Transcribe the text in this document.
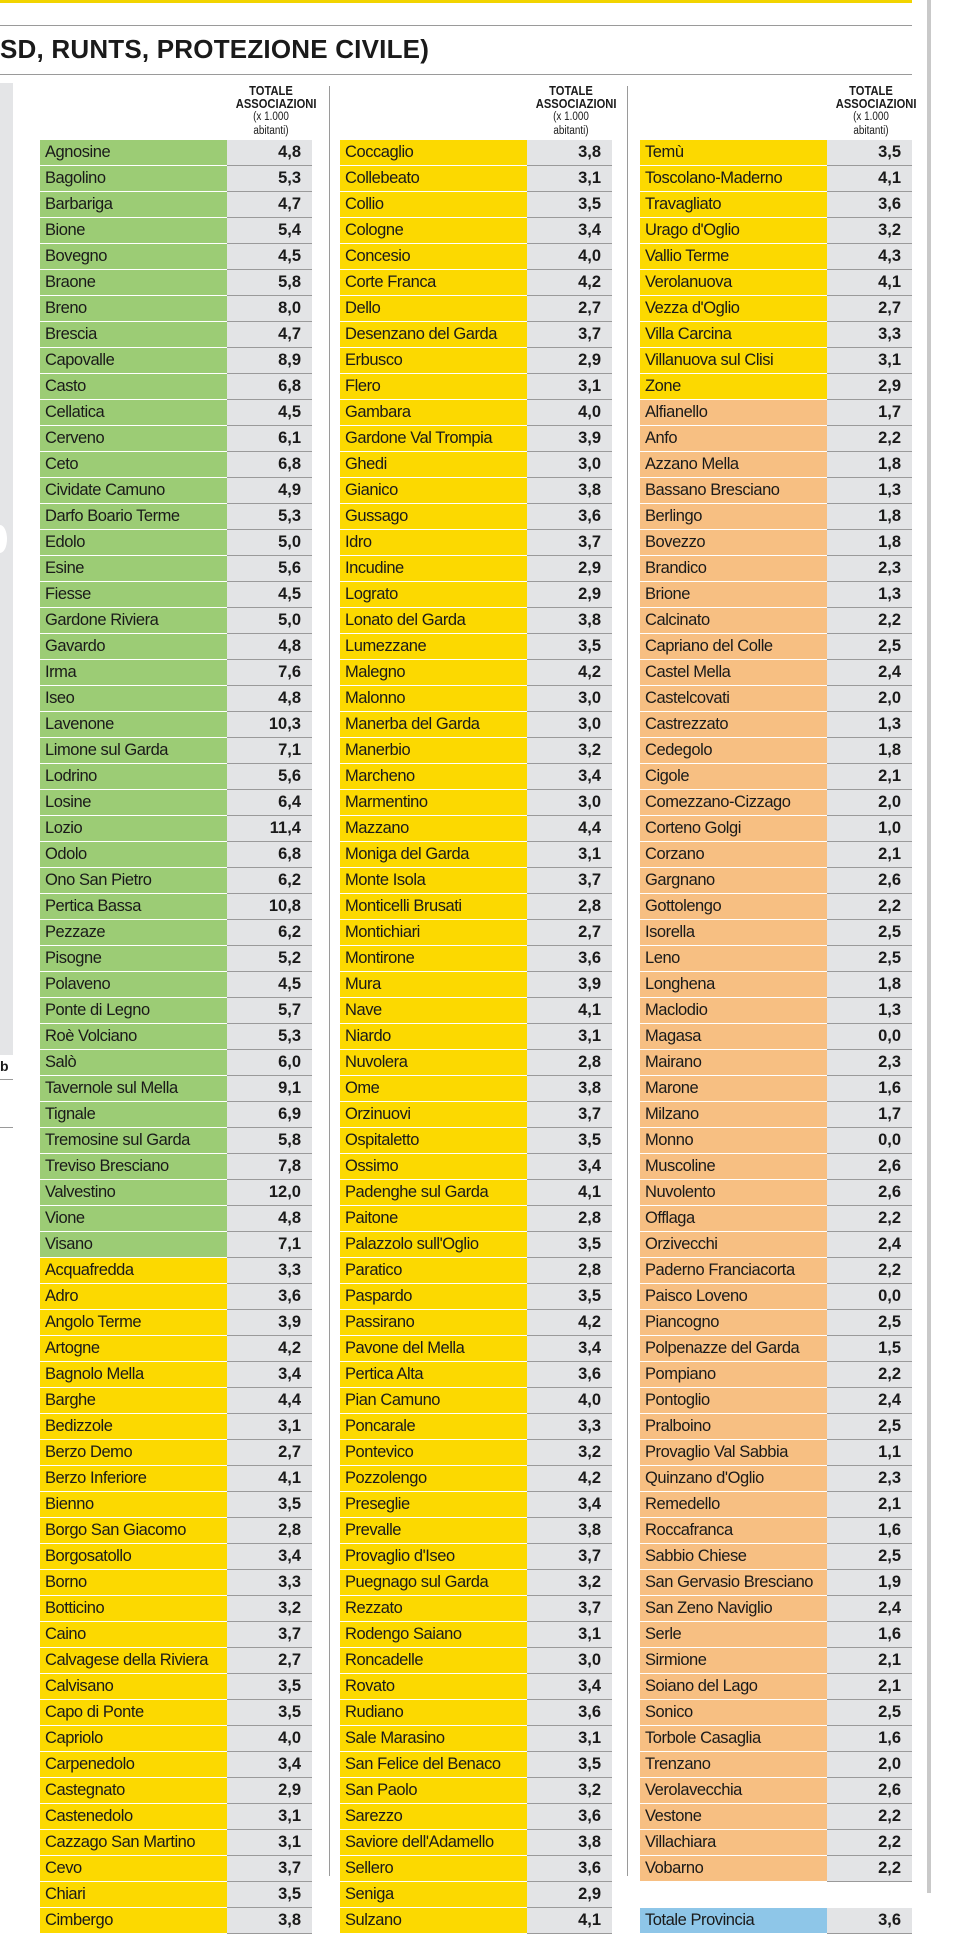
SD, RUNTS, PROTEZIONE CIVILE)
b
TOTALE
ASSOCIAZIONI
(x 1.000 abitanti)
Agnosine	4,8
Bagolino	5,3
Barbariga	4,7
Bione	5,4
Bovegno	4,5
Braone	5,8
Breno	8,0
Brescia	4,7
Capovalle	8,9
Casto	6,8
Cellatica	4,5
Cerveno	6,1
Ceto	6,8
Cividate Camuno	4,9
Darfo Boario Terme	5,3
Edolo	5,0
Esine	5,6
Fiesse	4,5
Gardone Riviera	5,0
Gavardo	4,8
Irma	7,6
Iseo	4,8
Lavenone	10,3
Limone sul Garda	7,1
Lodrino	5,6
Losine	6,4
Lozio	11,4
Odolo	6,8
Ono San Pietro	6,2
Pertica Bassa	10,8
Pezzaze	6,2
Pisogne	5,2
Polaveno	4,5
Ponte di Legno	5,7
Roè Volciano	5,3
Salò	6,0
Tavernole sul Mella	9,1
Tignale	6,9
Tremosine sul Garda	5,8
Treviso Bresciano	7,8
Valvestino	12,0
Vione	4,8
Visano	7,1
Acquafredda	3,3
Adro	3,6
Angolo Terme	3,9
Artogne	4,2
Bagnolo Mella	3,4
Barghe	4,4
Bedizzole	3,1
Berzo Demo	2,7
Berzo Inferiore	4,1
Bienno	3,5
Borgo San Giacomo	2,8
Borgosatollo	3,4
Borno	3,3
Botticino	3,2
Caino	3,7
Calvagese della Riviera	2,7
Calvisano	3,5
Capo di Ponte	3,5
Capriolo	4,0
Carpenedolo	3,4
Castegnato	2,9
Castenedolo	3,1
Cazzago San Martino	3,1
Cevo	3,7
Chiari	3,5
Cimbergo	3,8
TOTALE
ASSOCIAZIONI
(x 1.000 abitanti)
Coccaglio	3,8
Collebeato	3,1
Collio	3,5
Cologne	3,4
Concesio	4,0
Corte Franca	4,2
Dello	2,7
Desenzano del Garda	3,7
Erbusco	2,9
Flero	3,1
Gambara	4,0
Gardone Val Trompia	3,9
Ghedi	3,0
Gianico	3,8
Gussago	3,6
Idro	3,7
Incudine	2,9
Lograto	2,9
Lonato del Garda	3,8
Lumezzane	3,5
Malegno	4,2
Malonno	3,0
Manerba del Garda	3,0
Manerbio	3,2
Marcheno	3,4
Marmentino	3,0
Mazzano	4,4
Moniga del Garda	3,1
Monte Isola	3,7
Monticelli Brusati	2,8
Montichiari	2,7
Montirone	3,6
Mura	3,9
Nave	4,1
Niardo	3,1
Nuvolera	2,8
Ome	3,8
Orzinuovi	3,7
Ospitaletto	3,5
Ossimo	3,4
Padenghe sul Garda	4,1
Paitone	2,8
Palazzolo sull'Oglio	3,5
Paratico	2,8
Paspardo	3,5
Passirano	4,2
Pavone del Mella	3,4
Pertica Alta	3,6
Pian Camuno	4,0
Poncarale	3,3
Pontevico	3,2
Pozzolengo	4,2
Preseglie	3,4
Prevalle	3,8
Provaglio d'Iseo	3,7
Puegnago sul Garda	3,2
Rezzato	3,7
Rodengo Saiano	3,1
Roncadelle	3,0
Rovato	3,4
Rudiano	3,6
Sale Marasino	3,1
San Felice del Benaco	3,5
San Paolo	3,2
Sarezzo	3,6
Saviore dell'Adamello	3,8
Sellero	3,6
Seniga	2,9
Sulzano	4,1
TOTALE
ASSOCIAZIONI
(x 1.000 abitanti)
Temù	3,5
Toscolano-Maderno	4,1
Travagliato	3,6
Urago d'Oglio	3,2
Vallio Terme	4,3
Verolanuova	4,1
Vezza d'Oglio	2,7
Villa Carcina	3,3
Villanuova sul Clisi	3,1
Zone	2,9
Alfianello	1,7
Anfo	2,2
Azzano Mella	1,8
Bassano Bresciano	1,3
Berlingo	1,8
Bovezzo	1,8
Brandico	2,3
Brione	1,3
Calcinato	2,2
Capriano del Colle	2,5
Castel Mella	2,4
Castelcovati	2,0
Castrezzato	1,3
Cedegolo	1,8
Cigole	2,1
Comezzano-Cizzago	2,0
Corteno Golgi	1,0
Corzano	2,1
Gargnano	2,6
Gottolengo	2,2
Isorella	2,5
Leno	2,5
Longhena	1,8
Maclodio	1,3
Magasa	0,0
Mairano	2,3
Marone	1,6
Milzano	1,7
Monno	0,0
Muscoline	2,6
Nuvolento	2,6
Offlaga	2,2
Orzivecchi	2,4
Paderno Franciacorta	2,2
Paisco Loveno	0,0
Piancogno	2,5
Polpenazze del Garda	1,5
Pompiano	2,2
Pontoglio	2,4
Pralboino	2,5
Provaglio Val Sabbia	1,1
Quinzano d'Oglio	2,3
Remedello	2,1
Roccafranca	1,6
Sabbio Chiese	2,5
San Gervasio Bresciano	1,9
San Zeno Naviglio	2,4
Serle	1,6
Sirmione	2,1
Soiano del Lago	2,1
Sonico	2,5
Torbole Casaglia	1,6
Trenzano	2,0
Verolavecchia	2,6
Vestone	2,2
Villachiara	2,2
Vobarno	2,2
Totale Provincia	3,6
